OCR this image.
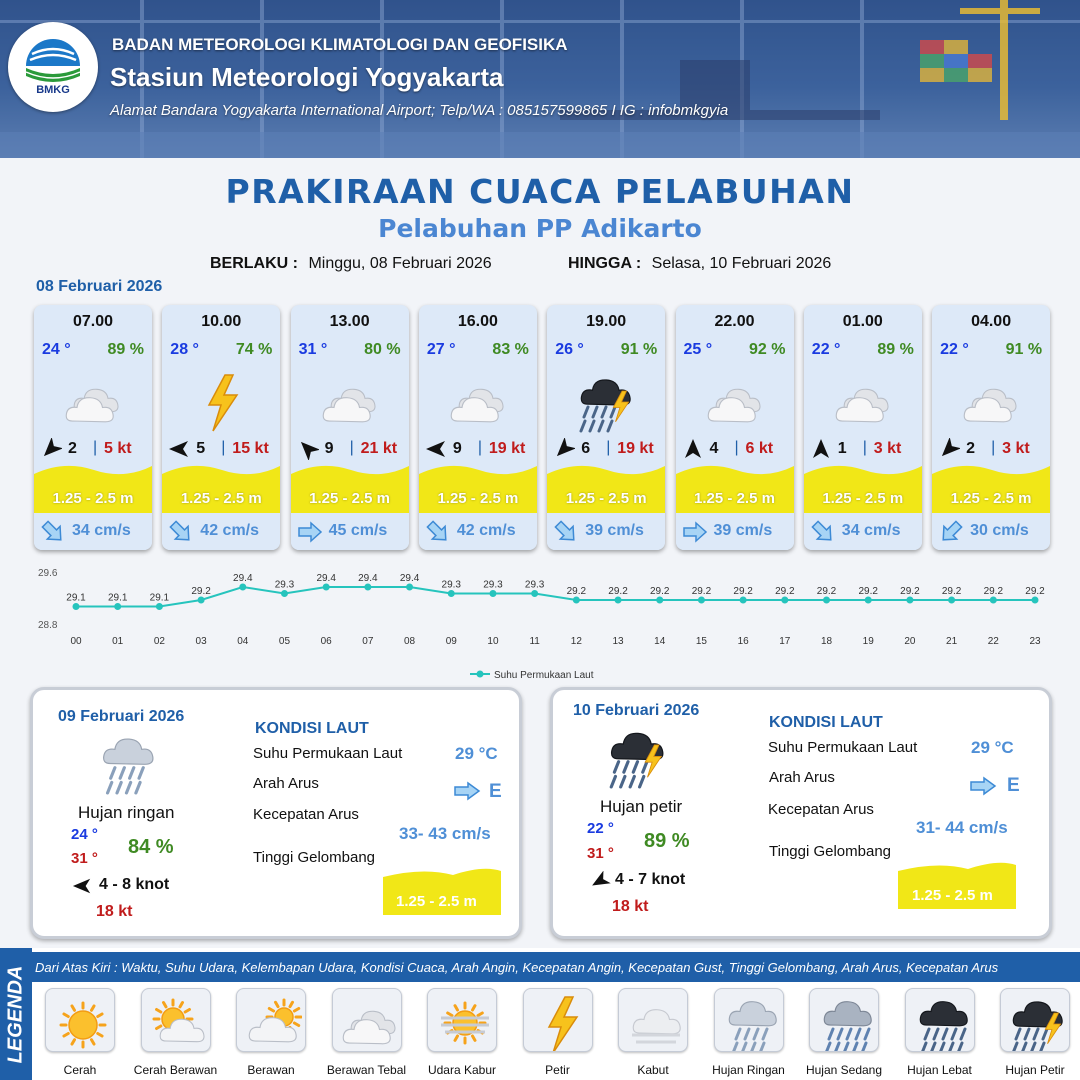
BMKG
BADAN METEOROLOGI KLIMATOLOGI DAN GEOFISIKA
Stasiun Meteorologi Yogyakarta
Alamat Bandara Yogyakarta International Airport; Telp/WA : 085157599865 I IG : infobmkgyia
PRAKIRAAN CUACA PELABUHAN
Pelabuhan PP Adikarto
BERLAKU : Minggu, 08 Februari 2026	HINGGA : Selasa, 10 Februari 2026
08 Februari 2026
07.00
24 ° 89 %
2 | 5 kt
1.25 - 2.5 m
34 cm/s
10.00
28 ° 74 %
5 | 15 kt
1.25 - 2.5 m
42 cm/s
13.00
31 ° 80 %
9 | 21 kt
1.25 - 2.5 m
45 cm/s
16.00
27 ° 83 %
9 | 19 kt
1.25 - 2.5 m
42 cm/s
19.00
26 ° 91 %
6 | 19 kt
1.25 - 2.5 m
39 cm/s
22.00
25 ° 92 %
4 | 6 kt
1.25 - 2.5 m
39 cm/s
01.00
22 ° 89 %
1 | 3 kt
1.25 - 2.5 m
34 cm/s
04.00
22 ° 91 %
2 | 3 kt
1.25 - 2.5 m
30 cm/s
29.6
28.8
29.1
00
29.1
01
29.1
02
29.2
03
29.4
04
29.3
05
29.4
06
29.4
07
29.4
08
29.3
09
29.3
10
29.3
11
29.2
12
29.2
13
29.2
14
29.2
15
29.2
16
29.2
17
29.2
18
29.2
19
29.2
20
29.2
21
29.2
22
29.2
23
Suhu Permukaan Laut
09 Februari 2026
Hujan ringan
24 °
31 °
84 %
4 - 8 knot
18 kt
KONDISI LAUT
Suhu Permukaan Laut	29 °C
Arah Arus	E
Kecepatan Arus
33- 43 cm/s
Tinggi Gelombang
1.25 - 2.5 m
10 Februari 2026
Hujan petir
22 °
31 °
89 %
4 - 7 knot
18 kt
KONDISI LAUT
Suhu Permukaan Laut	29 °C
Arah Arus	E
Kecepatan Arus
31- 44 cm/s
Tinggi Gelombang
1.25 - 2.5 m
LEGENDA Dari Atas Kiri : Waktu, Suhu Udara, Kelembapan Udara, Kondisi Cuaca, Arah Angin, Kecepatan Angin, Kecepatan Gust, Tinggi Gelombang, Arah Arus, Kecepatan Arus
Cerah	Cerah Berawan	Berawan	Berawan Tebal	Udara Kabur	Petir	Kabut	Hujan Ringan	Hujan Sedang	Hujan Lebat	Hujan Petir
